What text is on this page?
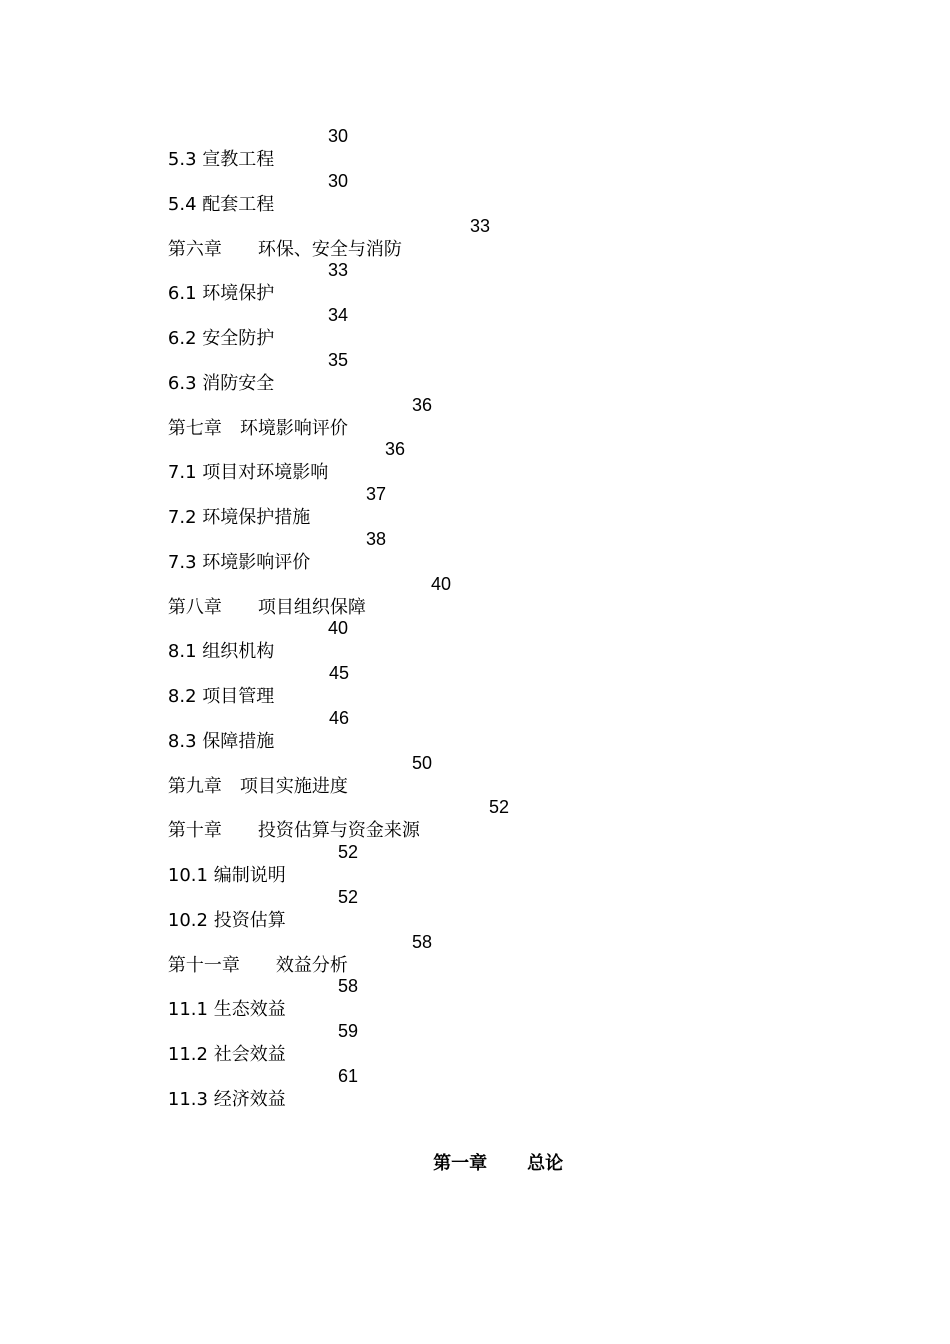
5.3 宣教工程

30

5.4 配套工程

30

第六章　　环保、安全与消防

33

6.1 环境保护

33

6.2 安全防护

34

6.3 消防安全

35

第七章　环境影响评价

36

7.1 项目对环境影响

36

7.2 环境保护措施

37

7.3 环境影响评价

38

第八章　　项目组织保障

40

8.1 组织机构

40

8.2 项目管理

45

8.3 保障措施

46

第九章　项目实施进度

50

第十章　　投资估算与资金来源

52

10.1 编制说明

52

10.2 投资估算

52

第十一章　　效益分析

58

11.1 生态效益

58

11.2 社会效益

59

11.3 经济效益

61

第一章 总论
